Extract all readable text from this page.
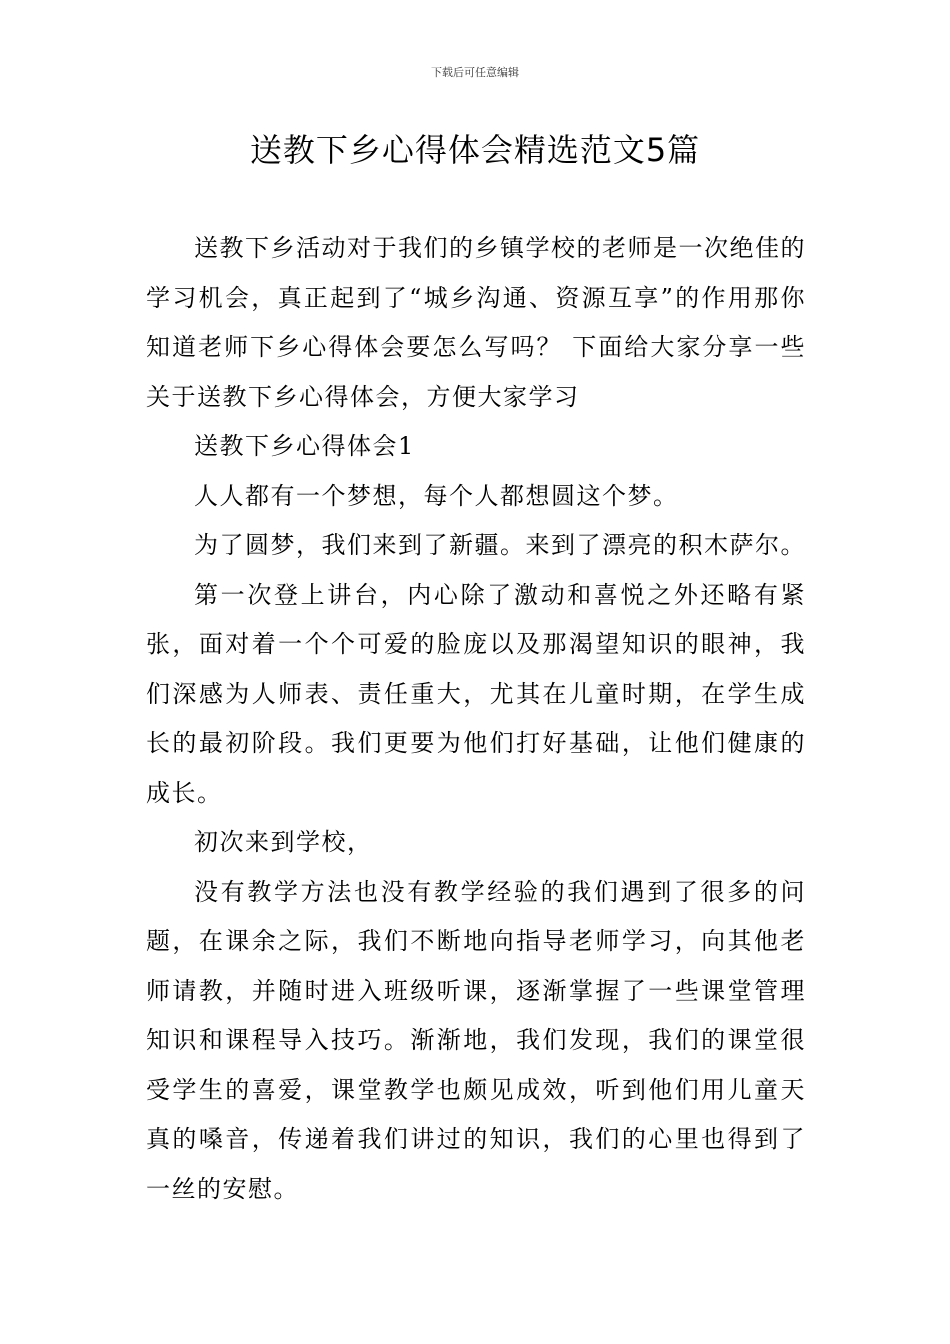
下载后可任意编辑
送教下乡心得体会精选范文5篇

送教下乡活动对于我们的乡镇学校的老师是一次绝佳的学习机会，真正起到了“城乡沟通、资源互享”的作用那你知道老师下乡心得体会要怎么写吗？ 下面给大家分享一些关于送教下乡心得体会，方便大家学习

送教下乡心得体会1

人人都有一个梦想，每个人都想圆这个梦。

为了圆梦，我们来到了新疆。来到了漂亮的积木萨尔。

第一次登上讲台，内心除了激动和喜悦之外还略有紧张，面对着一个个可爱的脸庞以及那渴望知识的眼神，我们深感为人师表、责任重大，尤其在儿童时期，在学生成长的最初阶段。我们更要为他们打好基础，让他们健康的成长。

初次来到学校，

没有教学方法也没有教学经验的我们遇到了很多的问题，在课余之际，我们不断地向指导老师学习，向其他老师请教，并随时进入班级听课，逐渐掌握了一些课堂管理知识和课程导入技巧。渐渐地，我们发现，我们的课堂很受学生的喜爱，课堂教学也颇见成效，听到他们用儿童天真的嗓音，传递着我们讲过的知识，我们的心里也得到了一丝的安慰。
